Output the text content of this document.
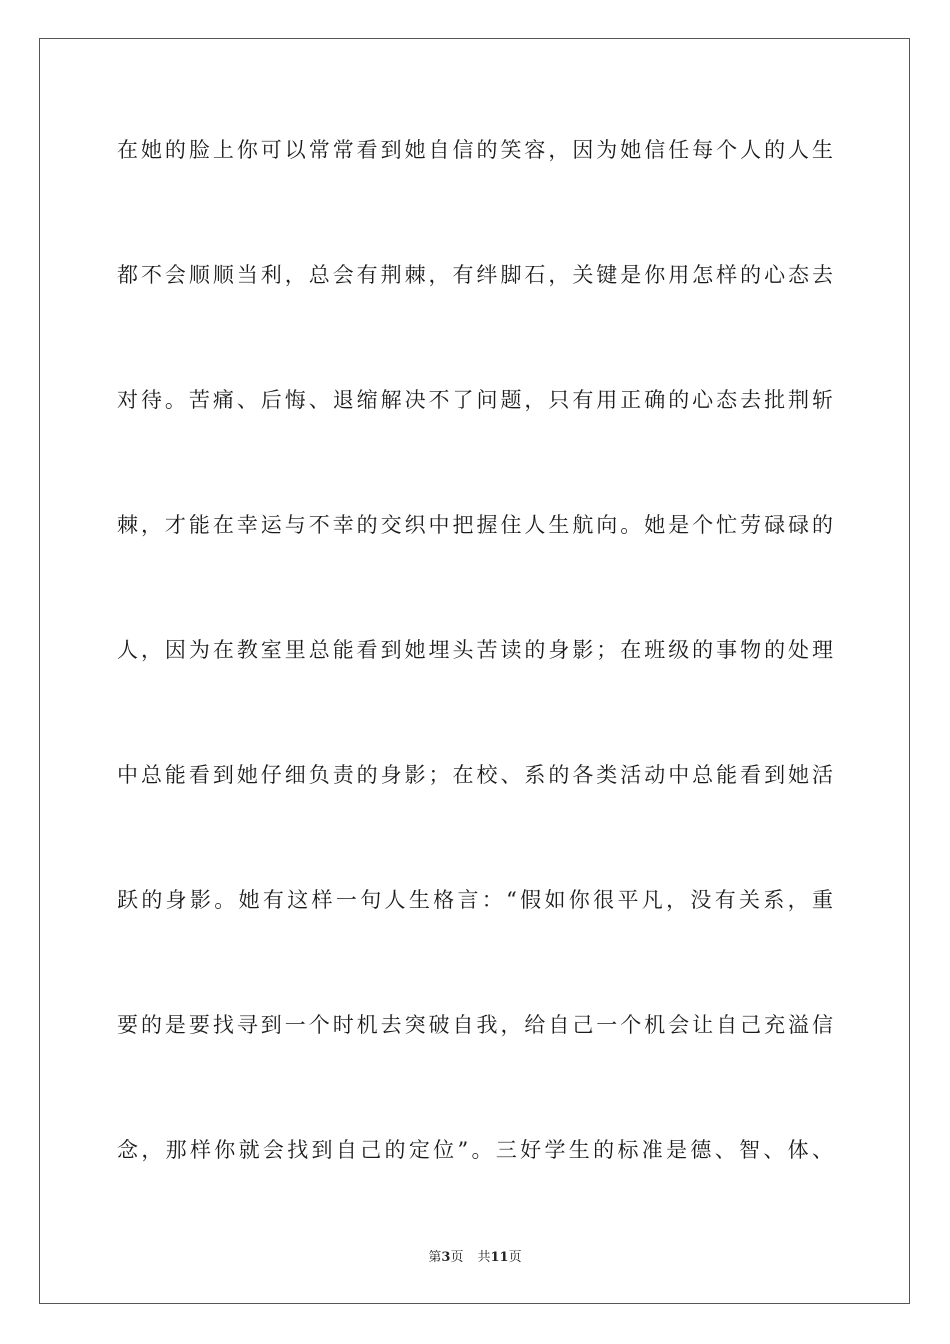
在她的脸上你可以常常看到她自信的笑容，因为她信任每个人的人生
都不会顺顺当利，总会有荆棘，有绊脚石，关键是你用怎样的心态去
对待。苦痛、后悔、退缩解决不了问题，只有用正确的心态去批荆斩
棘，才能在幸运与不幸的交织中把握住人生航向。她是个忙劳碌碌的
人，因为在教室里总能看到她埋头苦读的身影；在班级的事物的处理
中总能看到她仔细负责的身影；在校、系的各类活动中总能看到她活
跃的身影。她有这样一句人生格言：“假如你很平凡，没有关系，重
要的是要找寻到一个时机去突破自我，给自己一个机会让自己充溢信
念，那样你就会找到自己的定位”。三好学生的标准是德、智、体、
第3页 共11页
